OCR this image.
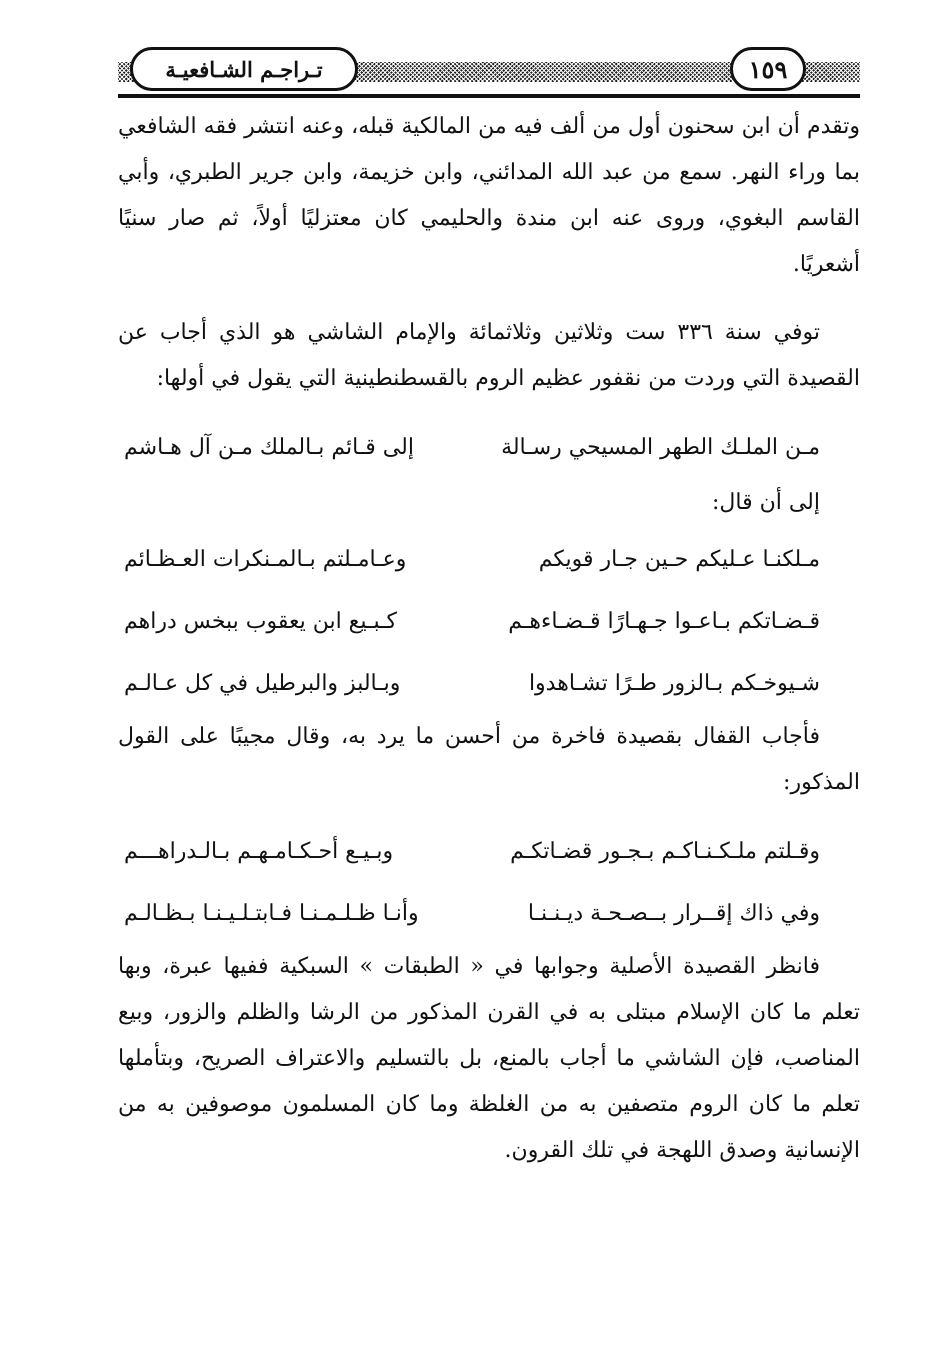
تـراجـم الشـافعيـة	١٥٩

وتقدم أن ابن سحنون أول من ألف فيه من المالكية قبله، وعنه انتشر فقه الشافعي بما وراء النهر. سمع من عبد الله المدائني، وابن خزيمة، وابن جرير الطبري، وأبي القاسم البغوي، وروى عنه ابن مندة والحليمي كان معتزليًا أولاً، ثم صار سنيًا أشعريًا.

توفي سنة ٣٣٦ ست وثلاثين وثلاثمائة والإمام الشاشي هو الذي أجاب عن القصيدة التي وردت من نقفور عظيم الروم بالقسطنطينية التي يقول في أولها:

مـن الملـك الطهر المسيحي رسـالة
إلى قـائم بـالملك مـن آل هـاشم

إلى أن قال:

مـلكنـا عـليكم حـين جـار قويكم
وعـامـلتم بـالمـنكرات العـظـائم
قـضـاتكم بـاعـوا جـهـارًا قـضـاءهـم
كـبـيع ابن يعقوب ببخس دراهم
شـيوخـكم بـالزور طـرًا تشـاهدوا
وبـالبز والبرطيل في كل عـالـم

فأجاب القفال بقصيدة فاخرة من أحسن ما يرد به، وقال مجيبًا على القول المذكور:

وقـلتم ملـكـنـاكـم بـجـور قضـاتكـم
وبـيـع أحـكـامـهـم بـالـدراهـــم
وفي ذاك إقــرار بــصـحـة ديـنـنـا
وأنـا ظـلـمـنـا فـابتـلـيـنـا بـظـالـم

فانظر القصيدة الأصلية وجوابها في « الطبقات » السبكية ففيها عبرة، وبها تعلم ما كان الإسلام مبتلى به في القرن المذكور من الرشا والظلم والزور، وبيع المناصب، فإن الشاشي ما أجاب بالمنع، بل بالتسليم والاعتراف الصريح، وبتأملها تعلم ما كان الروم متصفين به من الغلظة وما كان المسلمون موصوفين به من الإنسانية وصدق اللهجة في تلك القرون.
